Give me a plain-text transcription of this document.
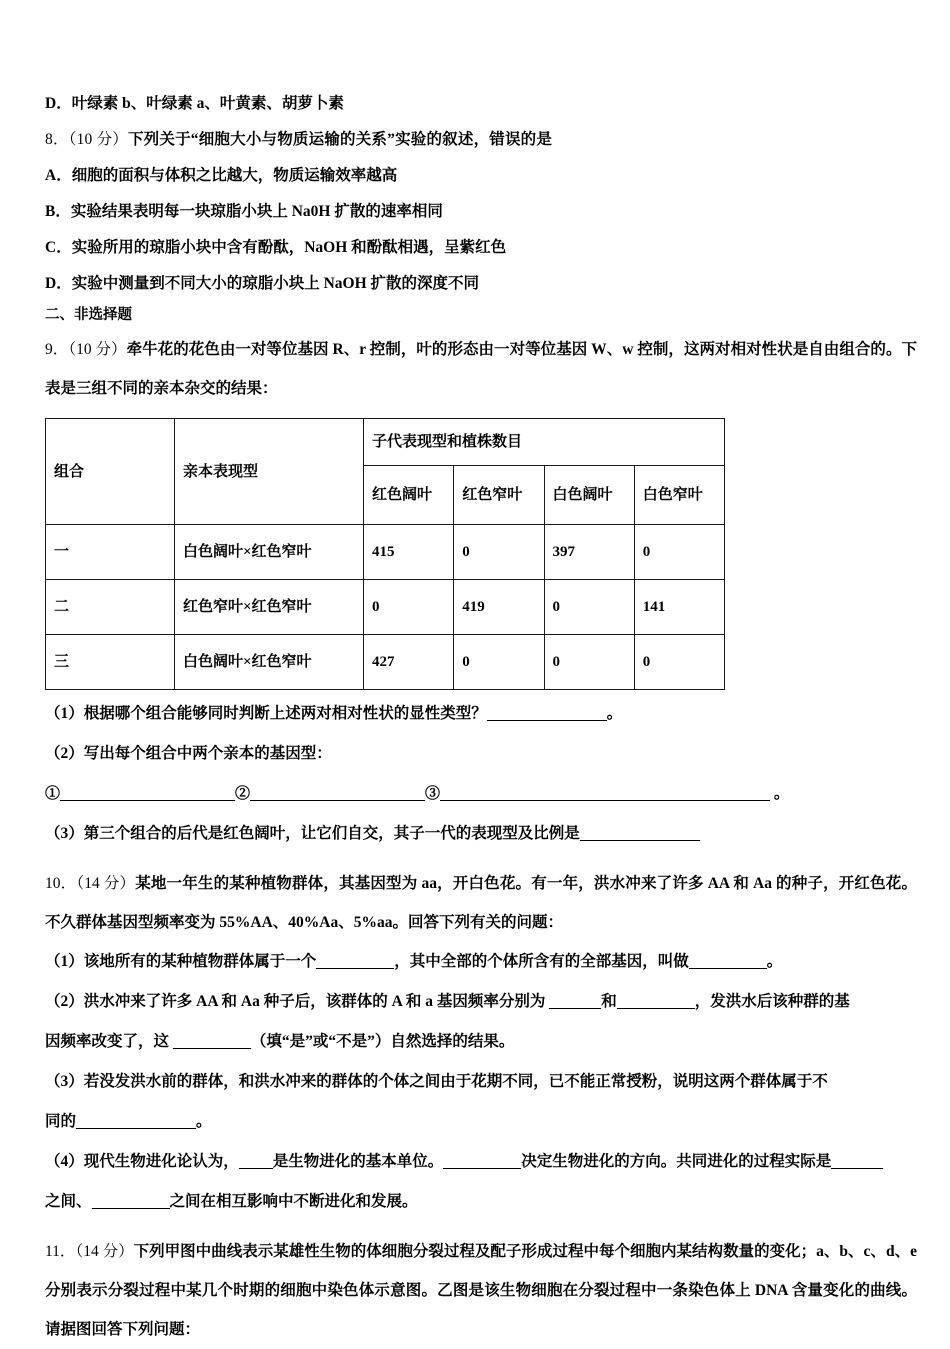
D．叶绿素 b、叶绿素 a、叶黄素、胡萝卜素
8．（10 分）下列关于“细胞大小与物质运输的关系”实验的叙述，错误的是
A．细胞的面积与体积之比越大，物质运输效率越高
B．实验结果表明每一块琼脂小块上 Na0H 扩散的速率相同
C．实验所用的琼脂小块中含有酚酞，NaOH 和酚酞相遇，呈紫红色
D．实验中测量到不同大小的琼脂小块上 NaOH 扩散的深度不同
二、非选择题
9．（10 分）牵牛花的花色由一对等位基因 R、r 控制，叶的形态由一对等位基因 W、w 控制，这两对相对性状是自由组合的。下表是三组不同的亲本杂交的结果：
组合	亲本表现型	子代表现型和植株数目			
		红色阔叶	红色窄叶	白色阔叶	白色窄叶
一	白色阔叶×红色窄叶	415	0	397	0
二	红色窄叶×红色窄叶	0	419	0	141
三	白色阔叶×红色窄叶	427	0	0	0
（1）根据哪个组合能够同时判断上述两对相对性状的显性类型？	。
（2）写出每个组合中两个亲本的基因型：
①	②	③	。
（3）第三个组合的后代是红色阔叶，让它们自交，其子一代的表现型及比例是
10．（14 分）某地一年生的某种植物群体，其基因型为 aa，开白色花。有一年，洪水冲来了许多 AA 和 Aa 的种子，开红色花。不久群体基因型频率变为 55%AA、40%Aa、5%aa。回答下列有关的问题：
（1）该地所有的某种植物群体属于一个	，其中全部的个体所含有的全部基因，叫做	。
（2）洪水冲来了许多 AA 和 Aa 种子后，该群体的 A 和 a 基因频率分别为	和	，发洪水后该种群的基
因频率改变了，这	（填“是”或“不是”）自然选择的结果。
（3）若没发洪水前的群体，和洪水冲来的群体的个体之间由于花期不同，已不能正常授粉，说明这两个群体属于不
同的	。
（4）现代生物进化论认为， 是生物进化的基本单位。	决定生物进化的方向。共同进化的过程实际是
之间、	之间在相互影响中不断进化和发展。
11．（14 分）下列甲图中曲线表示某雄性生物的体细胞分裂过程及配子形成过程中每个细胞内某结构数量的变化；a、b、c、d、e 分别表示分裂过程中某几个时期的细胞中染色体示意图。乙图是该生物细胞在分裂过程中一条染色体上 DNA 含量变化的曲线。请据图回答下列问题：
